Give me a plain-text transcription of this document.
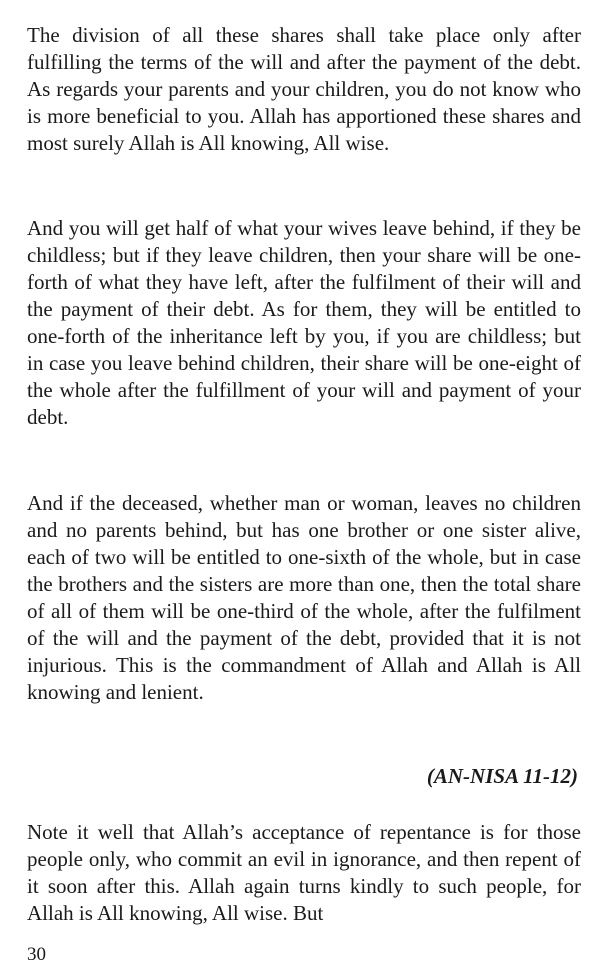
The division of all these shares shall take place only after fulfilling the terms of the will and after the payment of the debt. As regards your parents and your children, you do not know who is more beneficial to you. Allah has apportioned these shares and most surely Allah is All knowing, All wise.

And you will get half of what your wives leave behind, if they be childless; but if they leave children, then your share will be one-forth of what they have left, after the fulfilment of their will and the payment of their debt. As for them, they will be entitled to one-forth of the inheritance left by you, if you are childless; but in case you leave behind children, their share will be one-eight of the whole after the fulfillment of your will and payment of your debt.

And if the deceased, whether man or woman, leaves no children and no parents behind, but has one brother or one sister alive, each of two will be entitled to one-sixth of the whole, but in case the brothers and the sisters are more than one, then the total share of all of them will be one-third of the whole, after the fulfilment of the will and the payment of the debt, provided that it is not injurious. This is the commandment of Allah and Allah is All knowing and lenient.

(AN-NISA 11-12)

Note it well that Allah’s acceptance of repentance is for those people only, who commit an evil in ignorance, and then repent of it soon after this. Allah again turns kindly to such people, for Allah is All knowing, All wise. But

30
